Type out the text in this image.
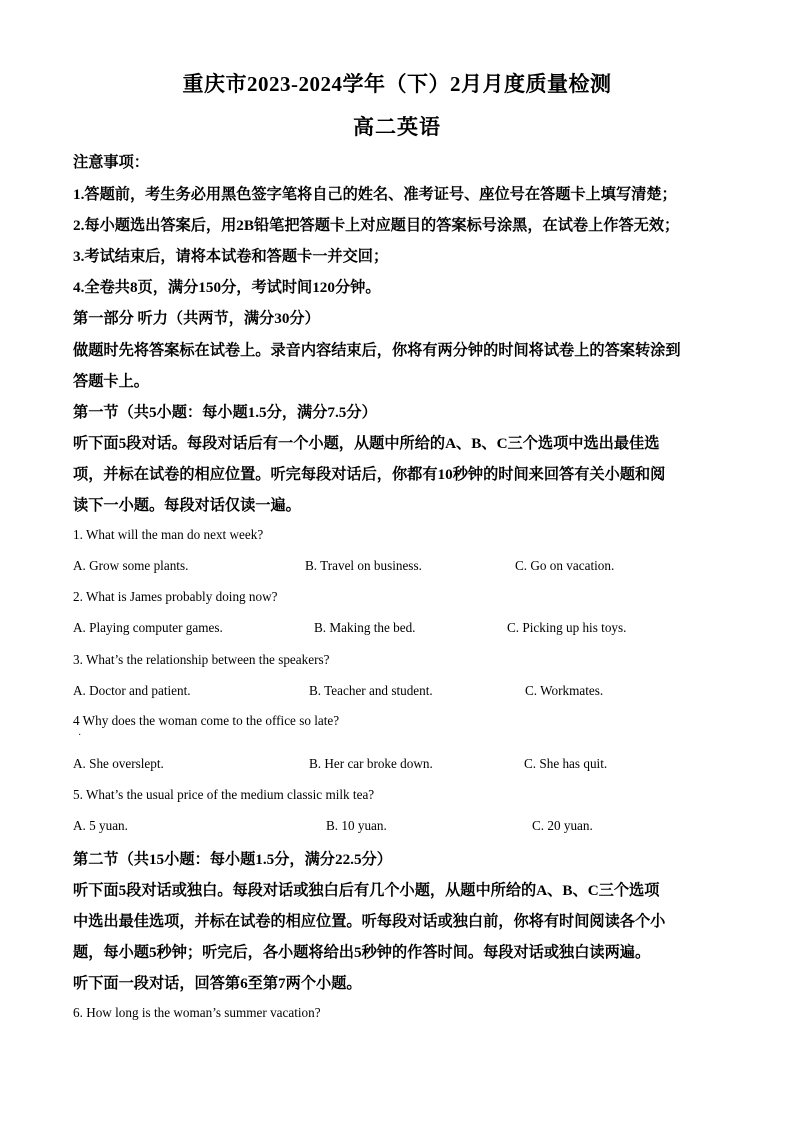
重庆市2023-2024学年（下）2月月度质量检测
高二英语
注意事项：
1.答题前，考生务必用黑色签字笔将自己的姓名、准考证号、座位号在答题卡上填写清楚；
2.每小题选出答案后，用2B铅笔把答题卡上对应题目的答案标号涂黑，在试卷上作答无效；
3.考试结束后，请将本试卷和答题卡一并交回；
4.全卷共8页，满分150分，考试时间120分钟。
第一部分 听力（共两节，满分30分）
做题时先将答案标在试卷上。录音内容结束后，你将有两分钟的时间将试卷上的答案转涂到
答题卡上。
第一节（共5小题：每小题1.5分，满分7.5分）
听下面5段对话。每段对话后有一个小题，从题中所给的A、B、C三个选项中选出最佳选
项，并标在试卷的相应位置。听完每段对话后，你都有10秒钟的时间来回答有关小题和阅
读下一小题。每段对话仅读一遍。
1. What will the man do next week?
A. Grow some plants.	B. Travel on business.	C. Go on vacation.
2. What is James probably doing now?
A. Playing computer games.	B. Making the bed.	C. Picking up his toys.
3. What’s the relationship between the speakers?
A. Doctor and patient.	B. Teacher and student.	C. Workmates.
4 Why does the woman come to the office so late?
·
A. She overslept.	B. Her car broke down.	C. She has quit.
5. What’s the usual price of the medium classic milk tea?
A. 5 yuan.	B. 10 yuan.	C. 20 yuan.
第二节（共15小题：每小题1.5分，满分22.5分）
听下面5段对话或独白。每段对话或独白后有几个小题，从题中所给的A、B、C三个选项
中选出最佳选项，并标在试卷的相应位置。听每段对话或独白前，你将有时间阅读各个小
题，每小题5秒钟；听完后，各小题将给出5秒钟的作答时间。每段对话或独白读两遍。
听下面一段对话，回答第6至第7两个小题。
6. How long is the woman’s summer vacation?
